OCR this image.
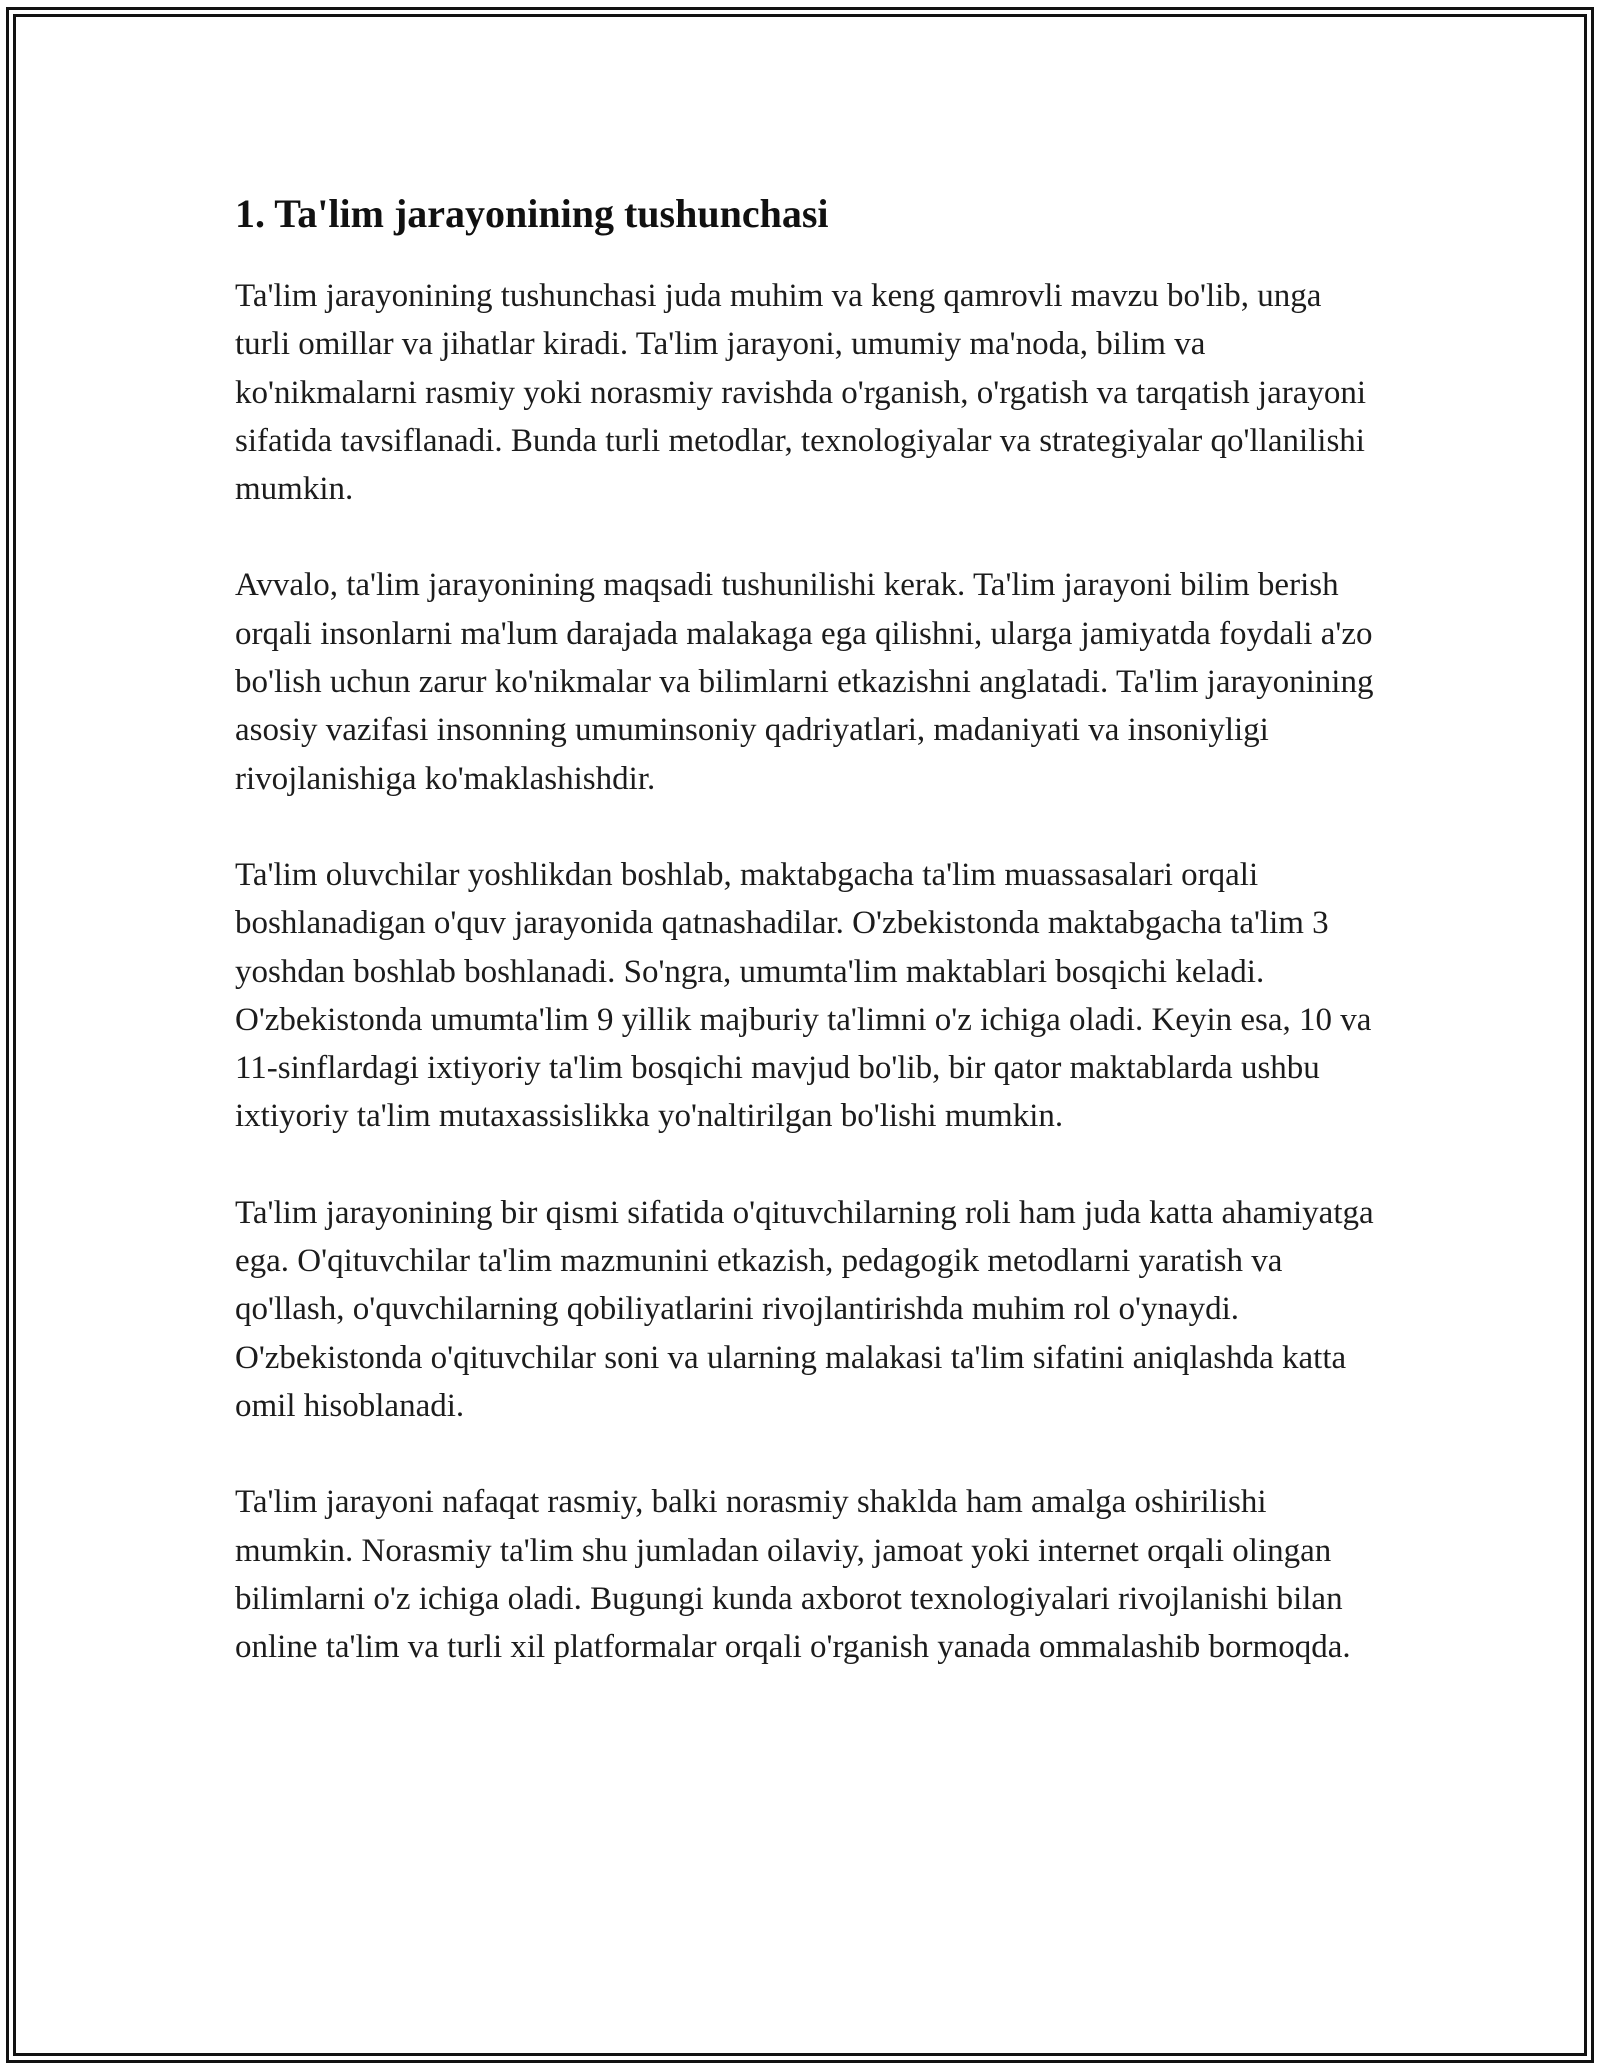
1. Ta'lim jarayonining tushunchasi

Ta'lim jarayonining tushunchasi juda muhim va keng qamrovli mavzu bo'lib, unga turli omillar va jihatlar kiradi. Ta'lim jarayoni, umumiy ma'noda, bilim va ko'nikmalarni rasmiy yoki norasmiy ravishda o'rganish, o'rgatish va tarqatish jarayoni sifatida tavsiflanadi. Bunda turli metodlar, texnologiyalar va strategiyalar qo'llanilishi mumkin.

Avvalo, ta'lim jarayonining maqsadi tushunilishi kerak. Ta'lim jarayoni bilim berish orqali insonlarni ma'lum darajada malakaga ega qilishni, ularga jamiyatda foydali a'zo bo'lish uchun zarur ko'nikmalar va bilimlarni etkazishni anglatadi. Ta'lim jarayonining asosiy vazifasi insonning umuminsoniy qadriyatlari, madaniyati va insoniyligi rivojlanishiga ko'maklashishdir.

Ta'lim oluvchilar yoshlikdan boshlab, maktabgacha ta'lim muassasalari orqali boshlanadigan o'quv jarayonida qatnashadilar. O'zbekistonda maktabgacha ta'lim 3 yoshdan boshlab boshlanadi. So'ngra, umumta'lim maktablari bosqichi keladi. O'zbekistonda umumta'lim 9 yillik majburiy ta'limni o'z ichiga oladi. Keyin esa, 10 va 11-sinflardagi ixtiyoriy ta'lim bosqichi mavjud bo'lib, bir qator maktablarda ushbu ixtiyoriy ta'lim mutaxassislikka yo'naltirilgan bo'lishi mumkin.

Ta'lim jarayonining bir qismi sifatida o'qituvchilarning roli ham juda katta ahamiyatga ega. O'qituvchilar ta'lim mazmunini etkazish, pedagogik metodlarni yaratish va qo'llash, o'quvchilarning qobiliyatlarini rivojlantirishda muhim rol o'ynaydi. O'zbekistonda o'qituvchilar soni va ularning malakasi ta'lim sifatini aniqlashda katta omil hisoblanadi.

Ta'lim jarayoni nafaqat rasmiy, balki norasmiy shaklda ham amalga oshirilishi mumkin. Norasmiy ta'lim shu jumladan oilaviy, jamoat yoki internet orqali olingan bilimlarni o'z ichiga oladi. Bugungi kunda axborot texnologiyalari rivojlanishi bilan online ta'lim va turli xil platformalar orqali o'rganish yanada ommalashib bormoqda.
